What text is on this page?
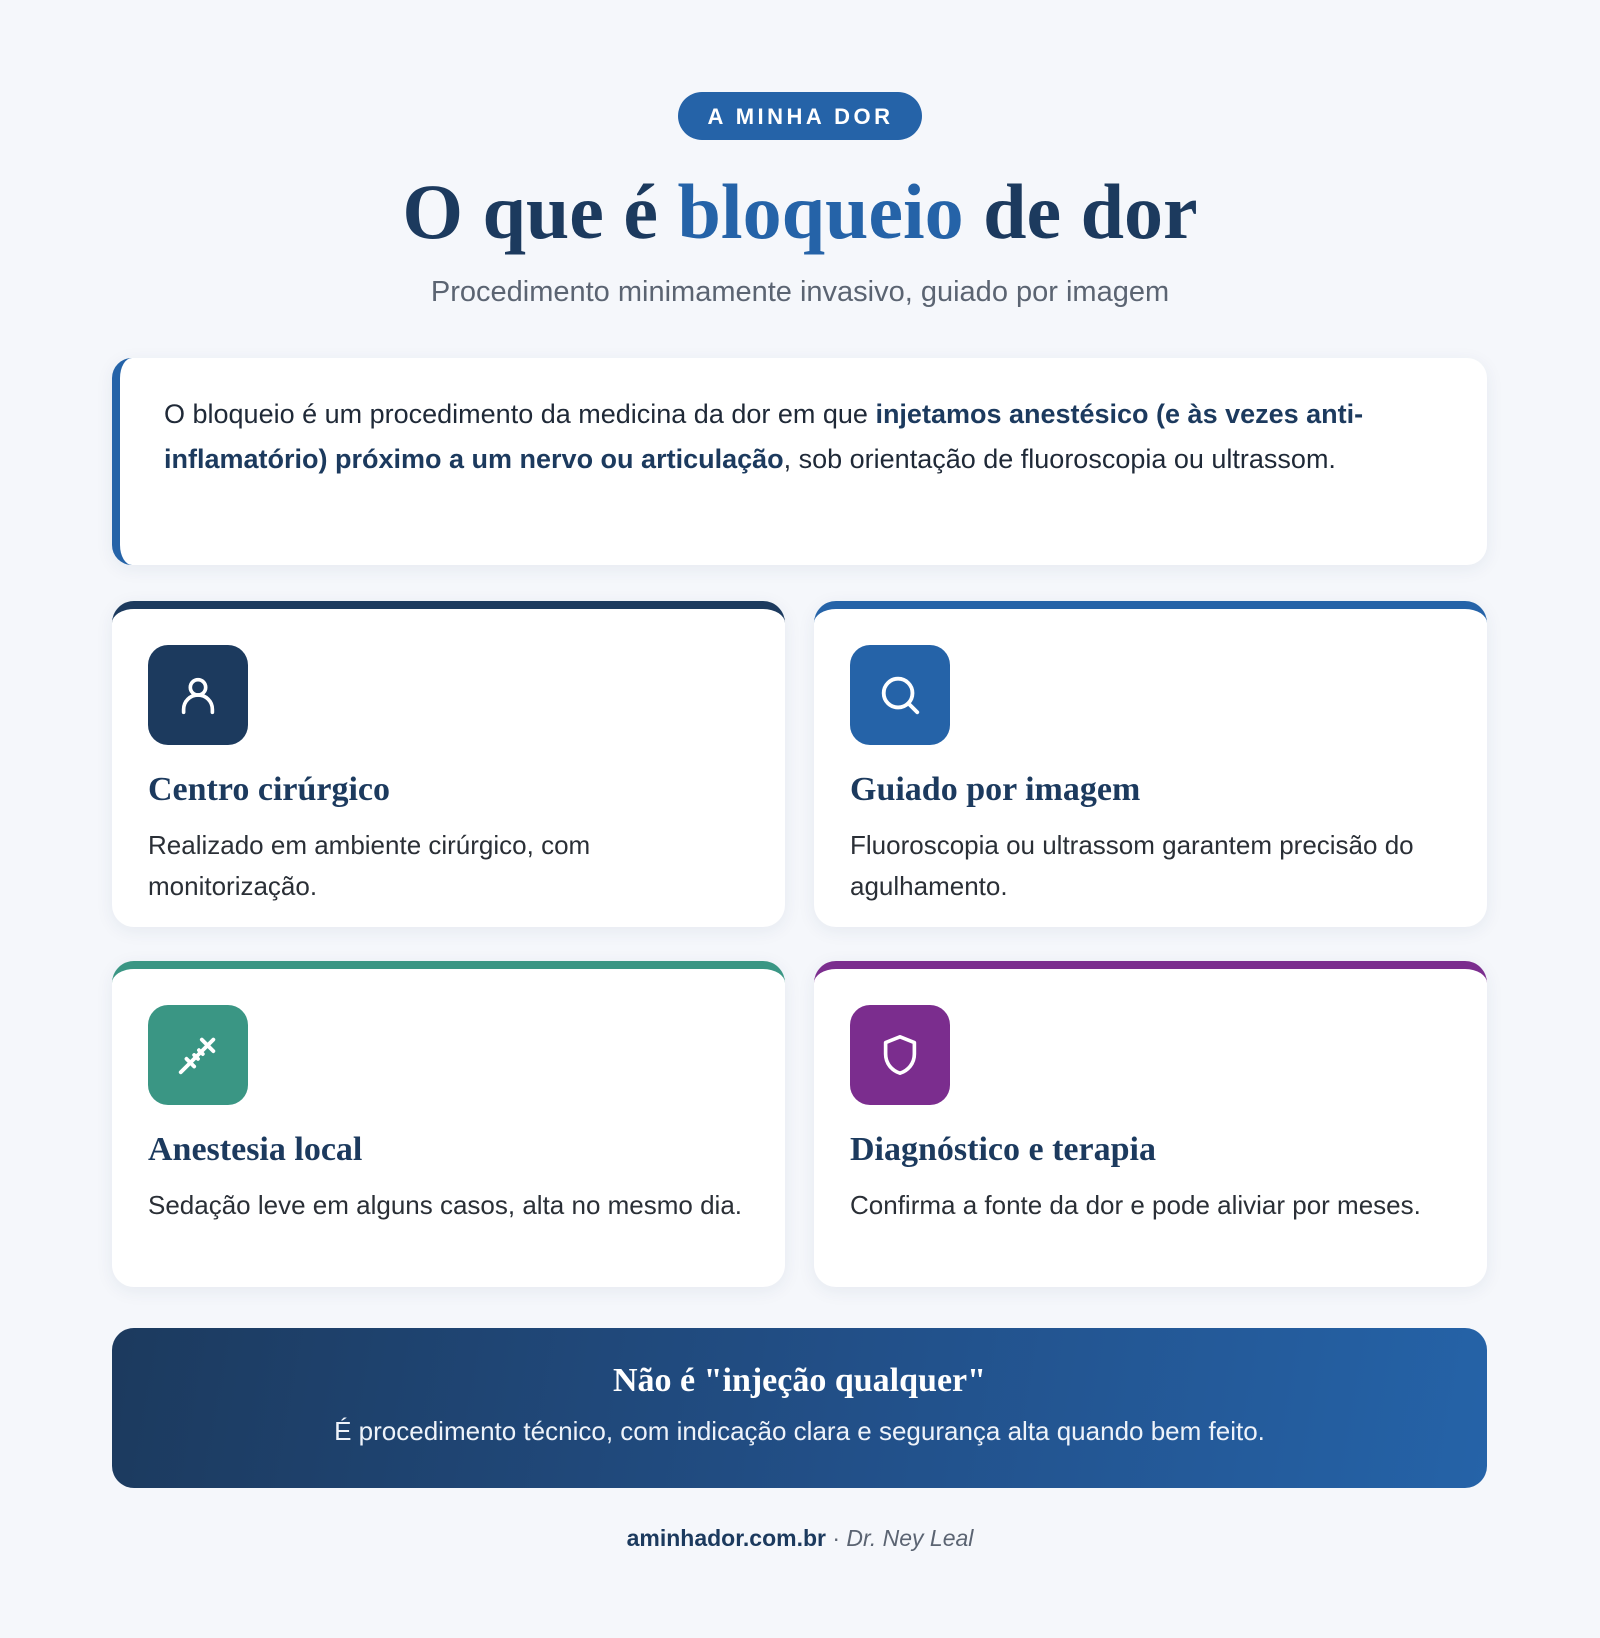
A MINHA DOR
O que é bloqueio de dor

Procedimento minimamente invasivo, guiado por imagem

O bloqueio é um procedimento da medicina da dor em que injetamos anestésico (e às vezes anti-inflamatório) próximo a um nervo ou articulação, sob orientação de fluoroscopia ou ultrassom.
Centro cirúrgico

Realizado em ambiente cirúrgico, com monitorização.

Guiado por imagem

Fluoroscopia ou ultrassom garantem precisão do agulhamento.

Anestesia local

Sedação leve em alguns casos, alta no mesmo dia.

Diagnóstico e terapia

Confirma a fonte da dor e pode aliviar por meses.

Não é "injeção qualquer"

É procedimento técnico, com indicação clara e segurança alta quando bem feito.

aminhador.com.br · Dr. Ney Leal
